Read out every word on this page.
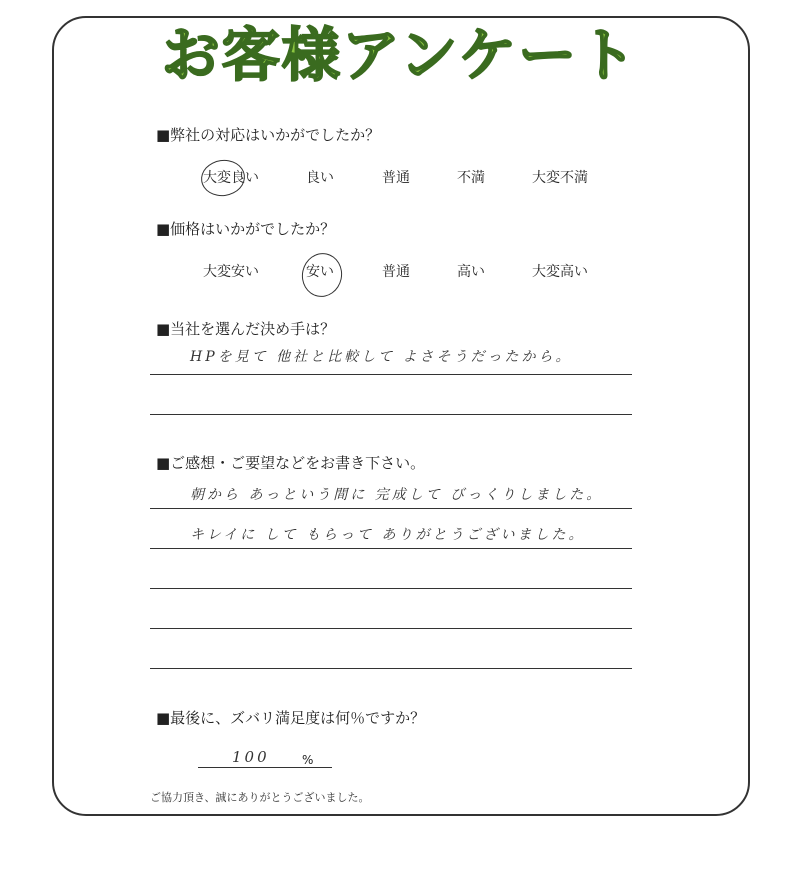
お客様アンケート
■弊社の対応はいかがでしたか？
大変良い	良い	普通	不満	大変不満
■価格はいかがでしたか？
大変安い	安い	普通	高い	大変高い
■当社を選んだ決め手は？
HPを見て 他社と比較して よさそうだったから。
■ご感想・ご要望などをお書き下さい。
朝から あっという間に 完成して びっくりしました。
キレイに して もらって ありがとうございました。
■最後に、ズバリ満足度は何％ですか？
100	%
ご協力頂き、誠にありがとうございました。
